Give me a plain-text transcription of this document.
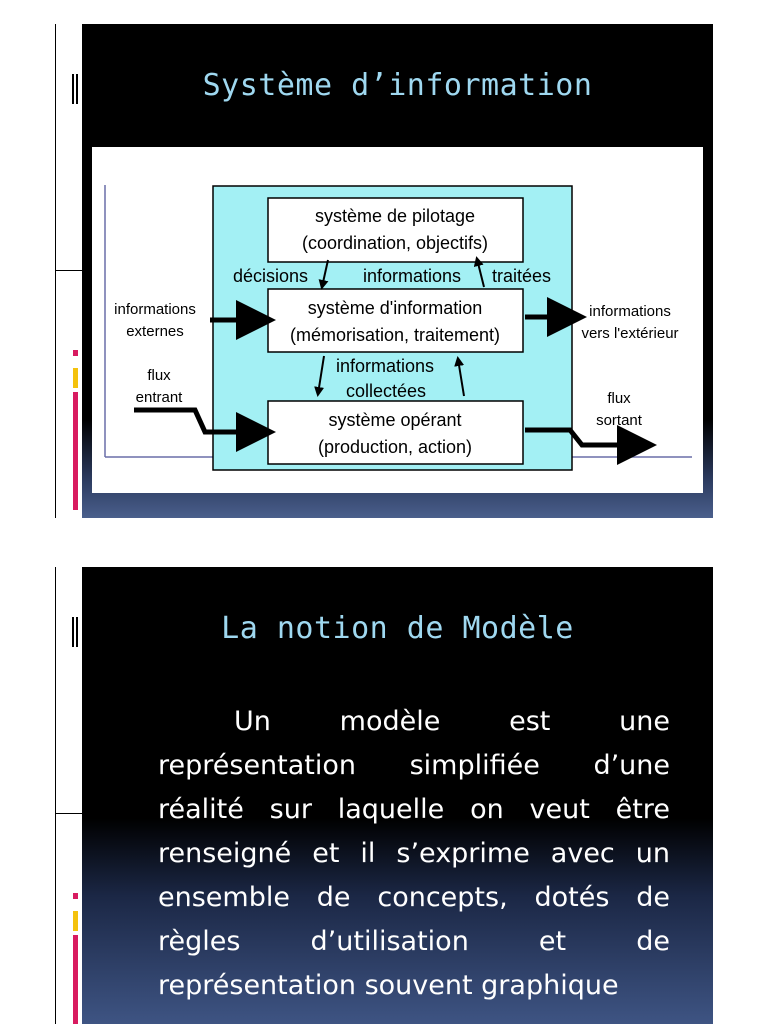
Système d’information
système de pilotage
(coordination, objectifs)
système d'information
(mémorisation, traitement)
système opérant
(production, action)
décisions	informations traitées
informations
collectées
informations
externes
informations
vers l'extérieur
flux
entrant	flux
sortant
La notion de Modèle
Un	modèle	est	une
représentation simplifiée d’une
réalité sur laquelle on veut être
renseigné et il s’exprime avec un
ensemble de concepts, dotés de
règles	d’utilisation	et	de
représentation souvent graphique
